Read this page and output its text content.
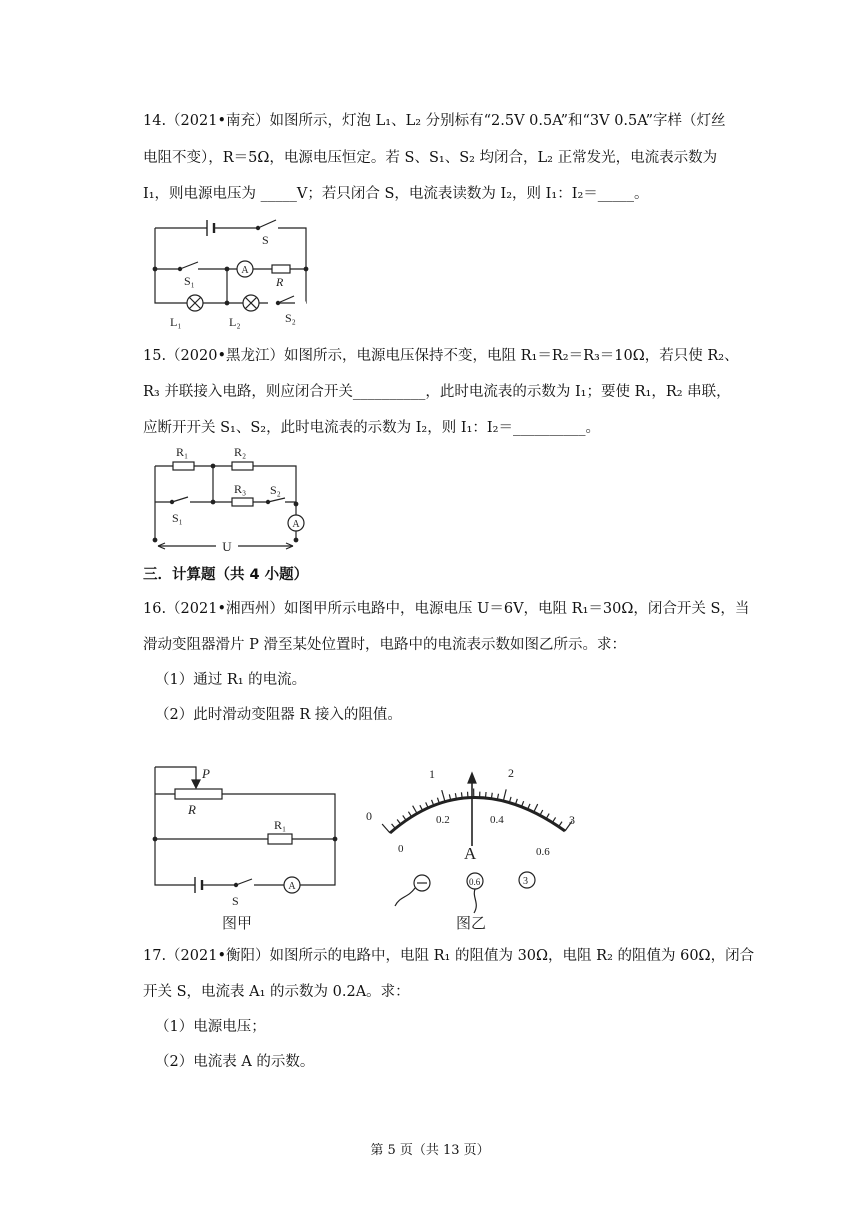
14.（2021•南充）如图所示，灯泡 L₁、L₂ 分别标有“2.5V 0.5A”和“3V 0.5A”字样（灯丝
电阻不变），R＝5Ω，电源电压恒定。若 S、S₁、S₂ 均闭合，L₂ 正常发光，电流表示数为
I₁，则电源电压为 _____V；若只闭合 S，电流表读数为 I₂，则 I₁：I₂＝_____。
S
S₁
A
R
L₁	L₂	S₂
15.（2020•黑龙江）如图所示，电源电压保持不变，电阻 R₁＝R₂＝R₃＝10Ω，若只使 R₂、
R₃ 并联接入电路，则应闭合开关__________，此时电流表的示数为 I₁；要使 R₁，R₂ 串联，
应断开开关 S₁、S₂，此时电流表的示数为 I₂，则 I₁：I₂＝__________。
R₁	R₂
R₃ S₂
S₁	A
U
三．计算题（共 4 小题）
16.（2021•湘西州）如图甲所示电路中，电源电压 U＝6V，电阻 R₁＝30Ω，闭合开关 S，当
滑动变阻器滑片 P 滑至某处位置时，电路中的电流表示数如图乙所示。求：
（1）通过 R₁ 的电流。
（2）此时滑动变阻器 R 接入的阻值。
P
R
R₁
S
A
图甲
0
1	2
3
0
0.2	0.4
0.6
A
0.6	3
图乙
17.（2021•衡阳）如图所示的电路中，电阻 R₁ 的阻值为 30Ω，电阻 R₂ 的阻值为 60Ω，闭合
开关 S，电流表 A₁ 的示数为 0.2A。求：
（1）电源电压；
（2）电流表 A 的示数。
第 5 页（共 13 页）
